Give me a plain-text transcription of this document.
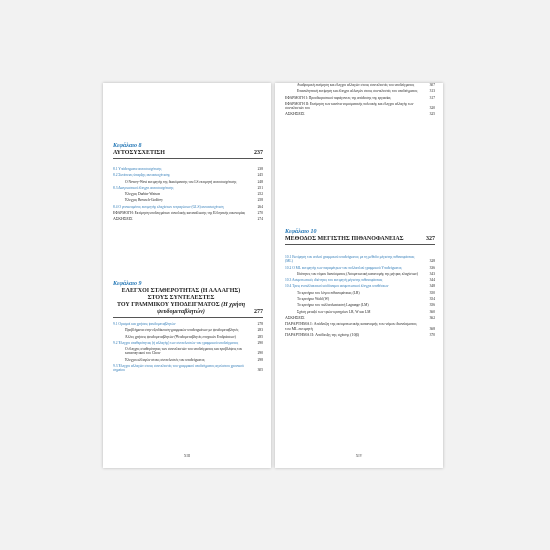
Κεφάλαιο 8
ΑΥΤΟΣΥΣΧΕΤΙΣΗ	237
8.1 Υπόδειγματα αυτοσυσχέτισης	238
8.2 Συνέπειες ύπαρξης αυτοσυσχέτισης	245
O Newey-West εκτιμητής της διακύμανσης του LS εκτιμητή αυτοσυσχέτισης	248
8.3 Διαγνωστικοί έλεγχοι αυτοσυσχέτισης	251
Έλεγχος Durbin-Watson	252
Έλεγχος Breusch-Godfrey	258
8.4 Ο γενικευμένος εκτιμητής ελαχίστων τετραγώνων (GLS) αυτοσυσχέτιση	264
ΕΦΑΡΜΟΓΗ: Εκτίμηση υποδειγμάτων συνολικής κατανάλωσης της Ελληνικής οικονομίας	270
ΑΣΚΗΣΕΙΣ	274
Κεφάλαιο 9
ΕΛΕΓΧΟΙ ΣΤΑΘΕΡΟΤΗΤΑΣ (Η ΑΛΛΑΓΗΣ) ΣΤΟΥΣ ΣΥΝΤΕΛΕΣΤΕΣ
ΤΟΥ ΓΡΑΜΜΙΚΟΥ ΥΠΟΔΕΙΓΜΑΤΟΣ (Η χρήση ψευδομεταβλητών)	277
9.1 Ορισμοί και χρήσεις ψευδομεταβλητών	278
Προβλήματα στην εξειδίκευση γραμμικών υποδειγμάτων με ψευδομεταβλητές	283
Άλλες χρήσεις ψευδομεταβλητών (Ψευδομεταβλητές εποχικών Επιδράσεων)	285
9.2 Έλεγχοι σταθερότητας (ή αλλαγής) των συντελεστών του γραμμικού υποδείγματος	290
Ο έλεγχος σταθερότητας των συντελεστών του υποδείγματος και προβλέψεις του κατανοητικού του Chow	290
Έλεγχοι αλλαγών στους συντελεστές του υποδείγματος	298
9.3 Έλεγχοι αλλαγών στους συντελεστές του γραμμικού υποδείγματος αγνώστου χρονικού σημείου	305
XIII
Αναδρομική εκτίμηση και έλεγχοι αλλαγών στους συντελεστές του υποδείγματος	307
Επαναληπτική εκτίμηση και έλεγχοι αλλαγών στους συντελεστές του υποδείγματος	313
ΕΦΑΡΜΟΓΗ I: Προσδιοριστικοί παράγοντες της απόδοσης της εργασίας	317
ΕΦΑΡΜΟΓΗ II: Εκτίμηση των κανόνα νομισματικής πολιτικής και έλεγχοι αλλαγής των συντελεστών του	320
ΑΣΚΗΣΕΙΣ	325
Κεφάλαιο 10
ΜΕΘΟΔΟΣ ΜΕΓΙΣΤΗΣ ΠΙΘΑΝΟΦΑΝΕΙΑΣ	327
10.1 Εκτίμηση του απλού γραμμικού υποδείγματος με τη μέθοδο μέγιστης πιθανοφάνειας (ML)	328
10.2 O ML εκτιμητής των παραμέτρων του πολλαπλού γραμμικού Υποδείγματος	336
Ιδιότητες του νόμου διανύσματος (Ασυμπτωτική κατανομής της μήτρας ελαχίστων)	343
10.3 Ασυμπτωτικές ιδιότητες του εκτιμητή μέγιστης πιθανοφάνειας	344
10.4 Τρεις ενναλλακτικοί ισοδύναμοι ασυμπτωτικοί έλεγχοι υποθέσεων	348
Το κριτήριο του λόγου πιθανοφάνειας (LR)	350
Το κριτήριο Wald (W)	354
Το κριτήριο του πολλαπλασιαστή Lagrange (LM)	356
Σχέση μεταξύ των τριών κριτηρίων LR, W και LM	360
ΑΣΚΗΣΕΙΣ	362
ΠΑΡΑΡΤΗΜΑ I: Απόδειξη της ασυμπτωτικής κατανομής του νόμου διανύσματος του ML εκτιμητή	368
ΠΑΡΑΡΤΗΜΑ II: Απόδειξη της σχέσης (10β)	370
XIV
